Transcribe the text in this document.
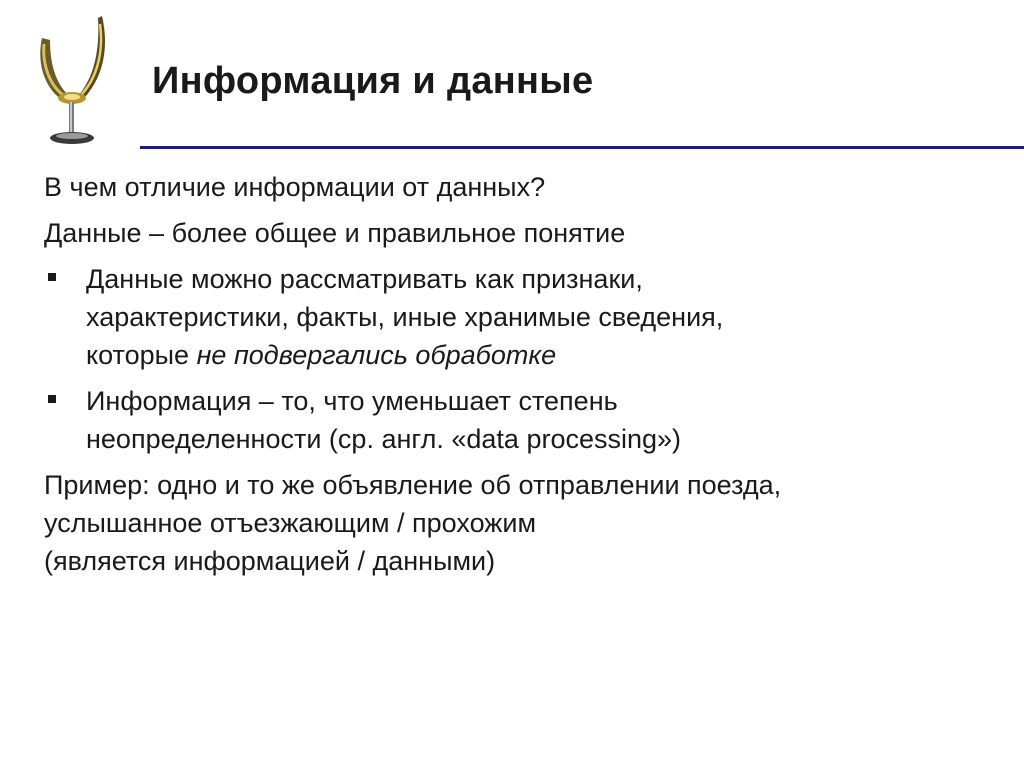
Информация и данные

В чем отличие информации от данных?

Данные – более общее и правильное понятие

Данные можно рассматривать как признаки,
характеристики, факты, иные хранимые сведения,
которые не подвергались обработке
Информация – то, что уменьшает степень
неопределенности (ср. англ. «data processing»)
Пример: одно и то же объявление об отправлении поезда,
услышанное отъезжающим / прохожим
(является информацией / данными)
